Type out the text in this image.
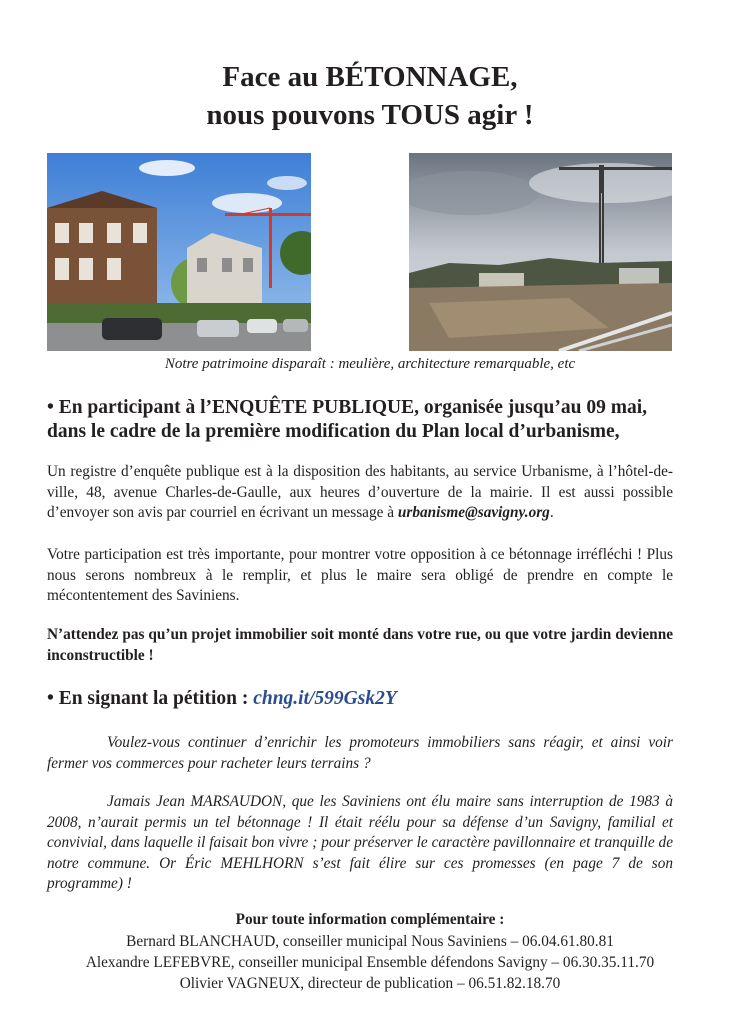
Face au BÉTONNAGE,
nous pouvons TOUS agir !
Notre patrimoine disparaît : meulière, architecture remarquable, etc
• En participant à l’ENQUÊTE PUBLIQUE, organisée jusqu’au 09 mai,
dans le cadre de la première modification du Plan local d’urbanisme,

Un registre d’enquête publique est à la disposition des habitants, au service Urbanisme, à l’hôtel-de-ville, 48, avenue Charles-de-Gaulle, aux heures d’ouverture de la mairie. Il est aussi possible d’envoyer son avis par courriel en écrivant un message à urbanisme@savigny.org.

Votre participation est très importante, pour montrer votre opposition à ce bétonnage irréfléchi ! Plus nous serons nombreux à le remplir, et plus le maire sera obligé de prendre en compte le mécontentement des Saviniens.

N’attendez pas qu’un projet immobilier soit monté dans votre rue, ou que votre jardin devienne inconstructible !

• En signant la pétition : chng.it/599Gsk2Y

Voulez-vous continuer d’enrichir les promoteurs immobiliers sans réagir, et ainsi voir fermer vos commerces pour racheter leurs terrains ?

Jamais Jean MARSAUDON, que les Saviniens ont élu maire sans interruption de 1983 à 2008, n’aurait permis un tel bétonnage ! Il était réélu pour sa défense d’un Savigny, familial et convivial, dans laquelle il faisait bon vivre ; pour préserver le caractère pavillonnaire et tranquille de notre commune. Or Éric MEHLHORN s’est fait élire sur ces promesses (en page 7 de son programme) !

Pour toute information complémentaire :
Bernard BLANCHAUD, conseiller municipal Nous Saviniens – 06.04.61.80.81
Alexandre LEFEBVRE, conseiller municipal Ensemble défendons Savigny – 06.30.35.11.70
Olivier VAGNEUX, directeur de publication – 06.51.82.18.70
